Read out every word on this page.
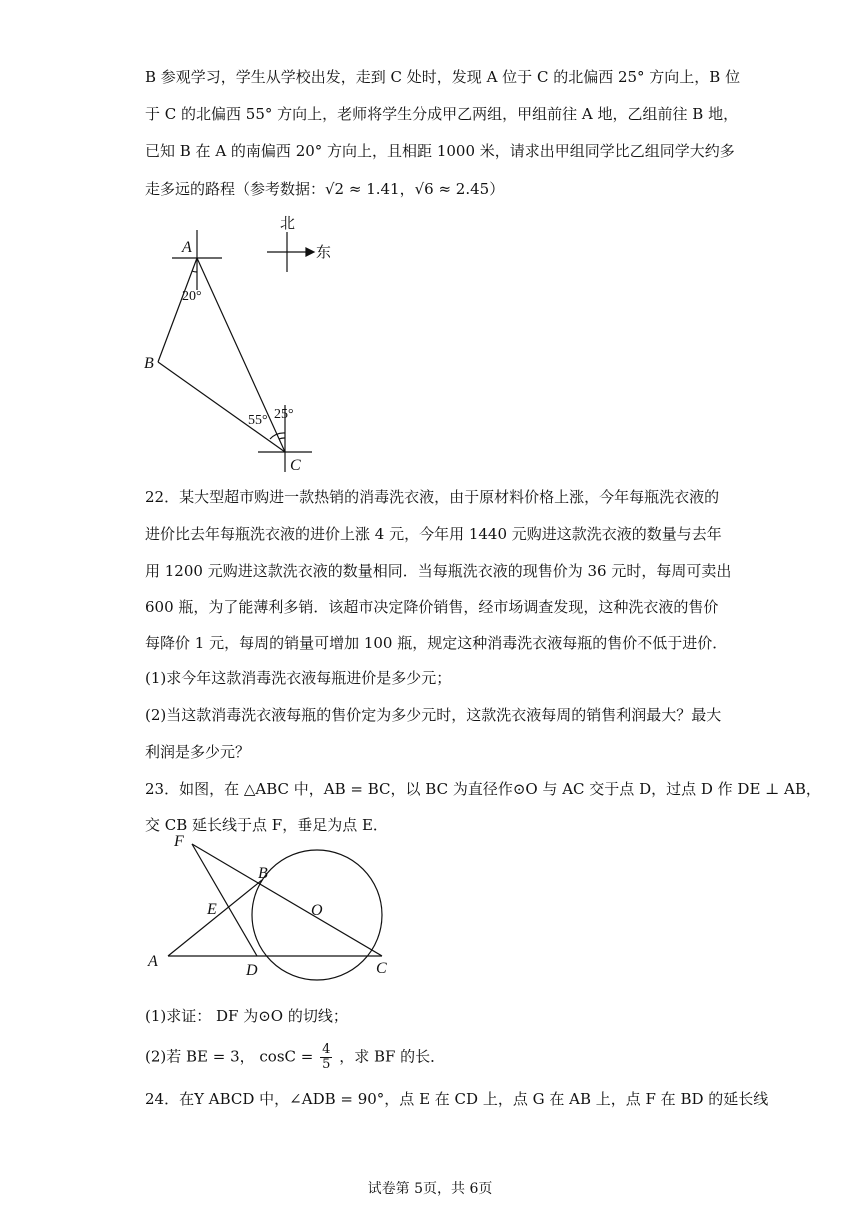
B 参观学习，学生从学校出发，走到 C 处时，发现 A 位于 C 的北偏西 25° 方向上，B 位
于 C 的北偏西 55° 方向上，老师将学生分成甲乙两组，甲组前往 A 地，乙组前往 B 地，
已知 B 在 A 的南偏西 20° 方向上，且相距 1000 米，请求出甲组同学比乙组同学大约多
走多远的路程（参考数据：√2 ≈ 1.41，√6 ≈ 2.45）
A
20°
B
55° 25°
C
北
东
22．某大型超市购进一款热销的消毒洗衣液，由于原材料价格上涨，今年每瓶洗衣液的
进价比去年每瓶洗衣液的进价上涨 4 元，今年用 1440 元购进这款洗衣液的数量与去年
用 1200 元购进这款洗衣液的数量相同．当每瓶洗衣液的现售价为 36 元时，每周可卖出
600 瓶，为了能薄利多销．该超市决定降价销售，经市场调查发现，这种洗衣液的售价
每降价 1 元，每周的销量可增加 100 瓶，规定这种消毒洗衣液每瓶的售价不低于进价．
(1)求今年这款消毒洗衣液每瓶进价是多少元；
(2)当这款消毒洗衣液每瓶的售价定为多少元时，这款洗衣液每周的销售利润最大？最大
利润是多少元？
23．如图，在 △ABC 中，AB = BC，以 BC 为直径作⊙O 与 AC 交于点 D，过点 D 作 DE ⊥ AB，
交 CB 延长线于点 F，垂足为点 E．
F
B
E	O
A
D	C
(1)求证： DF 为⊙O 的切线；
(2)若 BE = 3， $\cos C = \frac{4}{5}$ ，求 BF 的长．
24．在Y ABCD 中，∠ADB = 90°，点 E 在 CD 上，点 G 在 AB 上，点 F 在 BD 的延长线
试卷第 5页，共 6页
